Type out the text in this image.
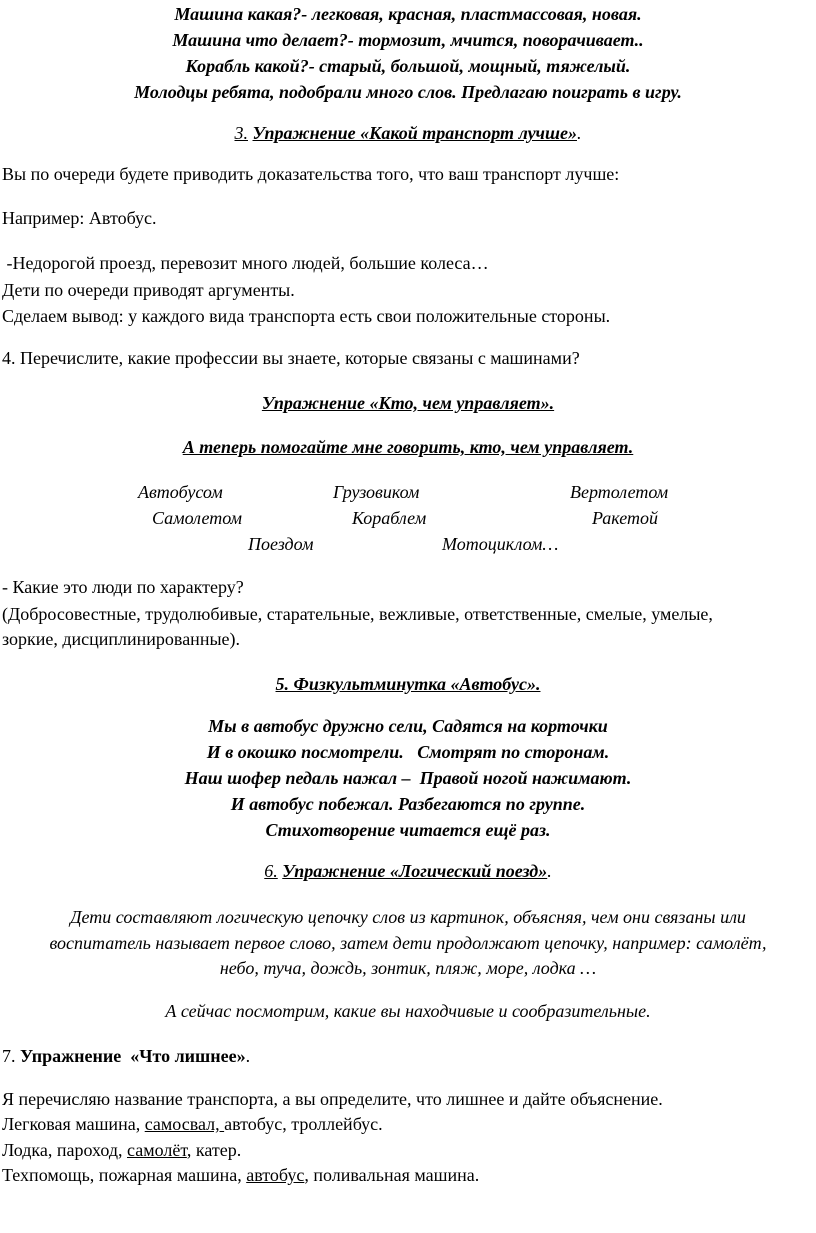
Машина какая?- легковая, красная, пластмассовая, новая.
Машина что делает?- тормозит, мчится, поворачивает..
Корабль какой?- старый, большой, мощный, тяжелый.
Молодцы ребята, подобрали много слов. Предлагаю поиграть в игру.
3. Упражнение «Какой транспорт лучше».
Вы по очереди будете приводить доказательства того, что ваш транспорт лучше:
Например: Автобус.
-Недорогой проезд, перевозит много людей, большие колеса…
Дети по очереди приводят аргументы.
Сделаем вывод: у каждого вида транспорта есть свои положительные стороны.
4. Перечислите, какие профессии вы знаете, которые связаны с машинами?
Упражнение «Кто, чем управляет».
А теперь помогайте мне говорить, кто, чем управляет.
Автобусом	Грузовиком	Вертолетом
Самолетом	Кораблем	Ракетой
Поездом	Мотоциклом…
- Какие это люди по характеру?
(Добросовестные, трудолюбивые, старательные, вежливые, ответственные, смелые, умелые,
зоркие, дисциплинированные).
5. Физкультминутка «Автобус».
Мы в автобус дружно сели, Садятся на корточки
И в окошко посмотрели.   Смотрят по сторонам.
Наш шофер педаль нажал –  Правой ногой нажимают.
И автобус побежал. Разбегаются по группе.
Стихотворение читается ещё раз.
6. Упражнение «Логический поезд».
Дети составляют логическую цепочку слов из картинок, объясняя, чем они связаны или
воспитатель называет первое слово, затем дети продолжают цепочку, например: самолёт,
небо, туча, дождь, зонтик, пляж, море, лодка …
А сейчас посмотрим, какие вы находчивые и сообразительные.
7. Упражнение  «Что лишнее».
Я перечисляю название транспорта, а вы определите, что лишнее и дайте объяснение.
Легковая машина, самосвал, автобус, троллейбус.
Лодка, пароход, самолёт, катер.
Техпомощь, пожарная машина, автобус, поливальная машина.
